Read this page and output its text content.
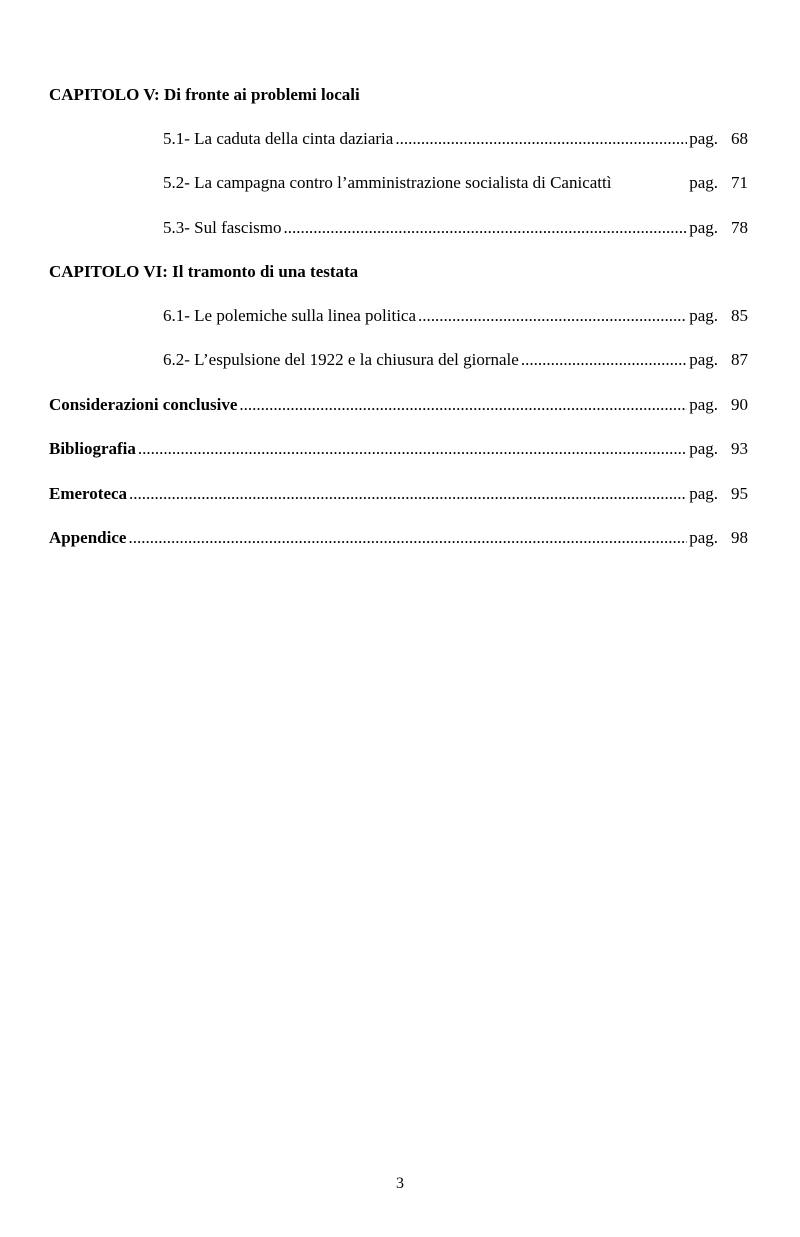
CAPITOLO V: Di fronte ai problemi locali
5.1- La caduta della cinta daziaria .....	pag. 68
5.2- La campagna contro l’amministrazione socialista di Canicattì	pag. 71
5.3- Sul fascismo .....	pag. 78
CAPITOLO VI: Il tramonto di una testata
6.1- Le polemiche sulla linea politica .....	pag. 85
6.2- L’espulsione del 1922 e la chiusura del giornale .....	pag. 87
Considerazioni conclusive .....	pag. 90
Bibliografia .....	pag. 93
Emeroteca .....	pag. 95
Appendice .....	pag. 98
3
